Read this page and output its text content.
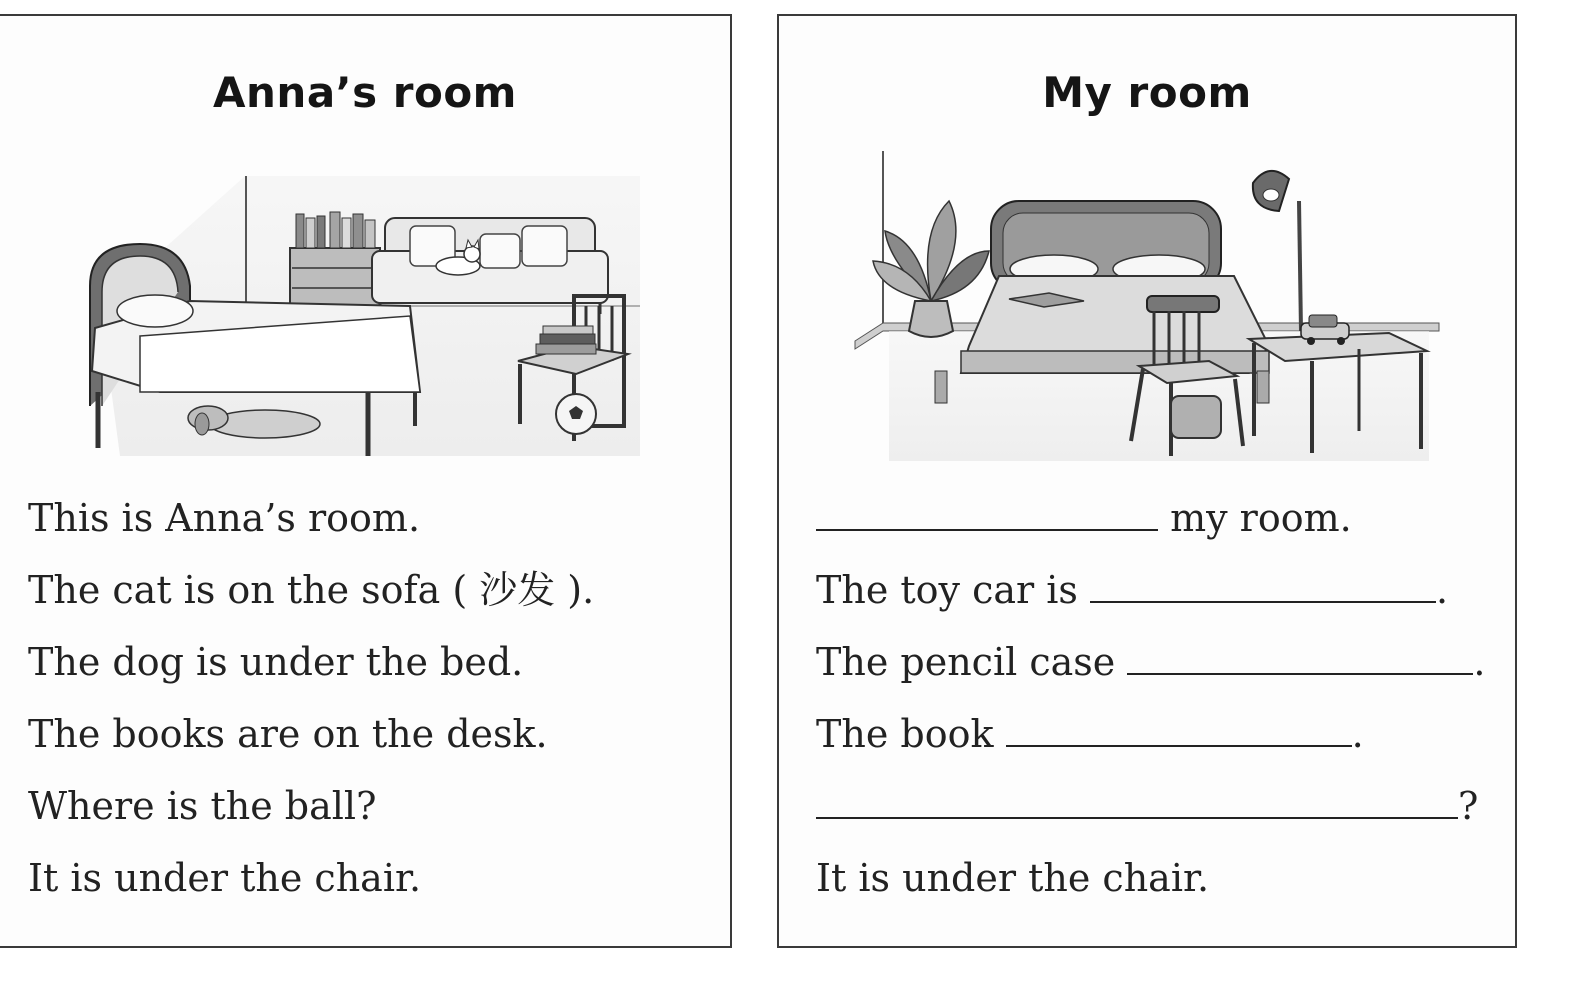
Anna’s room
This is Anna’s room.
The cat is on the sofa ( 沙发 ).
The dog is under the bed.
The books are on the desk.
Where is the ball?
It is under the chair.
My room
my room.
The toy car is	.
The pencil case	.
The book	.
?
It is under the chair.
